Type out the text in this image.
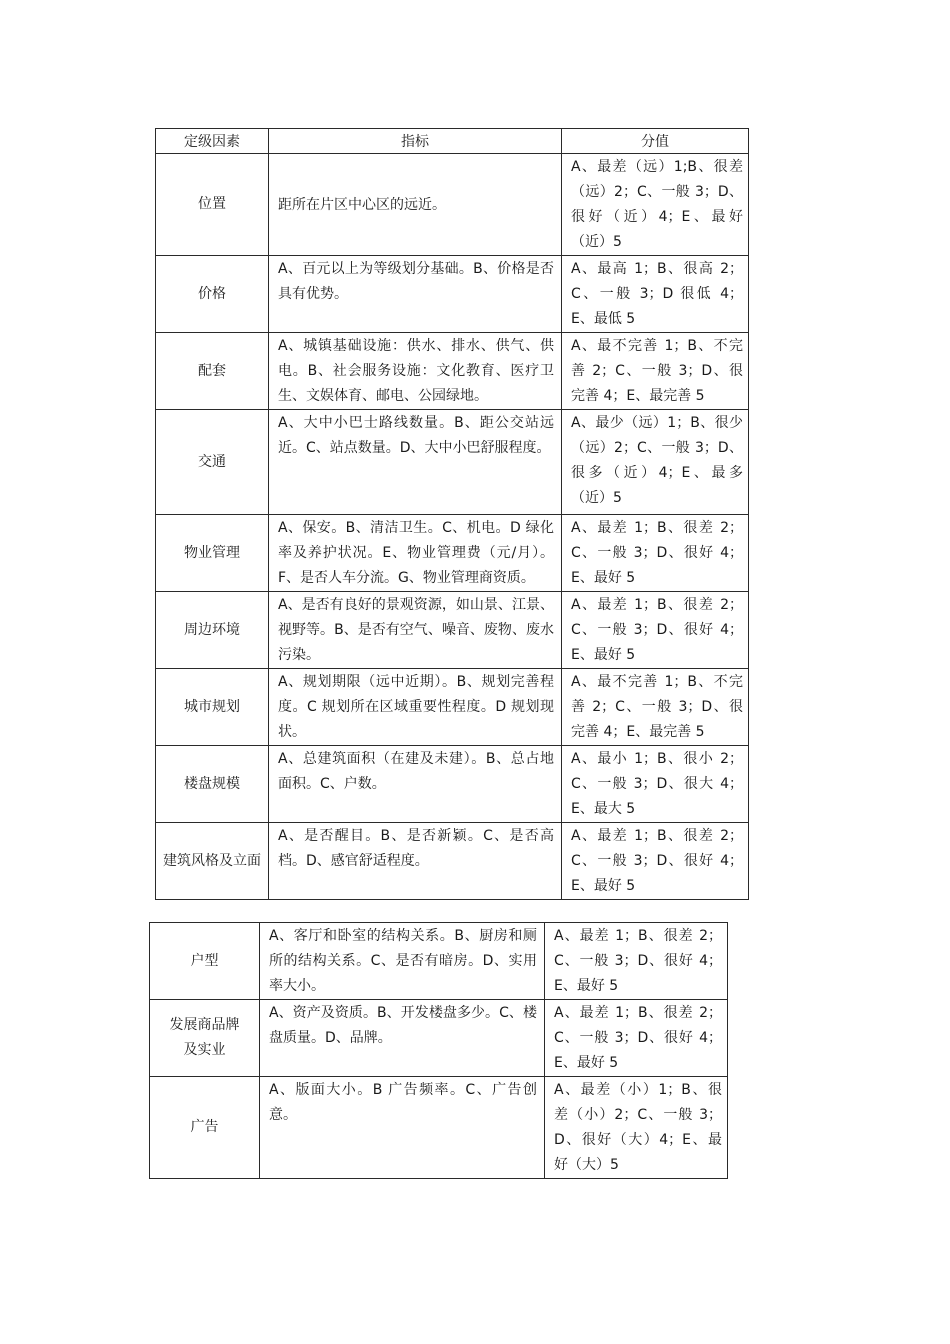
定级因素	指标	分值
位置	距所在片区中心区的远近。	A、最差（远）1;B、很差（远）2；C、一般 3；D、很好（近）4；E、最好（近）5
价格	A、百元以上为等级划分基础。B、价格是否具有优势。	A、最高 1；B、很高 2；C、一般 3；D 很低 4；E、最低 5
配套	A、城镇基础设施：供水、排水、供气、供电。B、社会服务设施：文化教育、医疗卫生、文娱体育、邮电、公园绿地。	A、最不完善 1；B、不完善 2；C、一般 3；D、很完善 4；E、最完善 5
交通	A、大中小巴士路线数量。B、距公交站远近。C、站点数量。D、大中小巴舒服程度。	A、最少（远）1；B、很少（远）2；C、一般 3；D、很多（近）4；E、最多（近）5
物业管理	A、保安。B、清洁卫生。C、机电。D 绿化率及养护状况。E、物业管理费（元/月）。F、是否人车分流。G、物业管理商资质。	A、最差 1；B、很差 2；C、一般 3；D、很好 4；E、最好 5
周边环境	A、是否有良好的景观资源，如山景、江景、视野等。B、是否有空气、噪音、废物、废水污染。	A、最差 1；B、很差 2；C、一般 3；D、很好 4；E、最好 5
城市规划	A、规划期限（远中近期）。B、规划完善程度。C 规划所在区域重要性程度。D 规划现状。	A、最不完善 1；B、不完善 2；C、一般 3；D、很完善 4；E、最完善 5
楼盘规模	A、总建筑面积（在建及未建）。B、总占地面积。C、户数。	A、最小 1；B、很小 2；C、一般 3；D、很大 4；E、最大 5
建筑风格及立面	A、是否醒目。B、是否新颖。C、是否高档。D、感官舒适程度。	A、最差 1；B、很差 2；C、一般 3；D、很好 4；E、最好 5
户型	A、客厅和卧室的结构关系。B、厨房和厕所的结构关系。C、是否有暗房。D、实用率大小。	A、最差 1；B、很差 2；C、一般 3；D、很好 4；E、最好 5
发展商品牌及实业	A、资产及资质。B、开发楼盘多少。C、楼盘质量。D、品牌。	A、最差 1；B、很差 2；C、一般 3；D、很好 4；E、最好 5
广告	A、版面大小。B 广告频率。C、广告创意。	A、最差（小）1；B、很差（小）2；C、一般 3；D、很好（大）4；E、最好（大）5
